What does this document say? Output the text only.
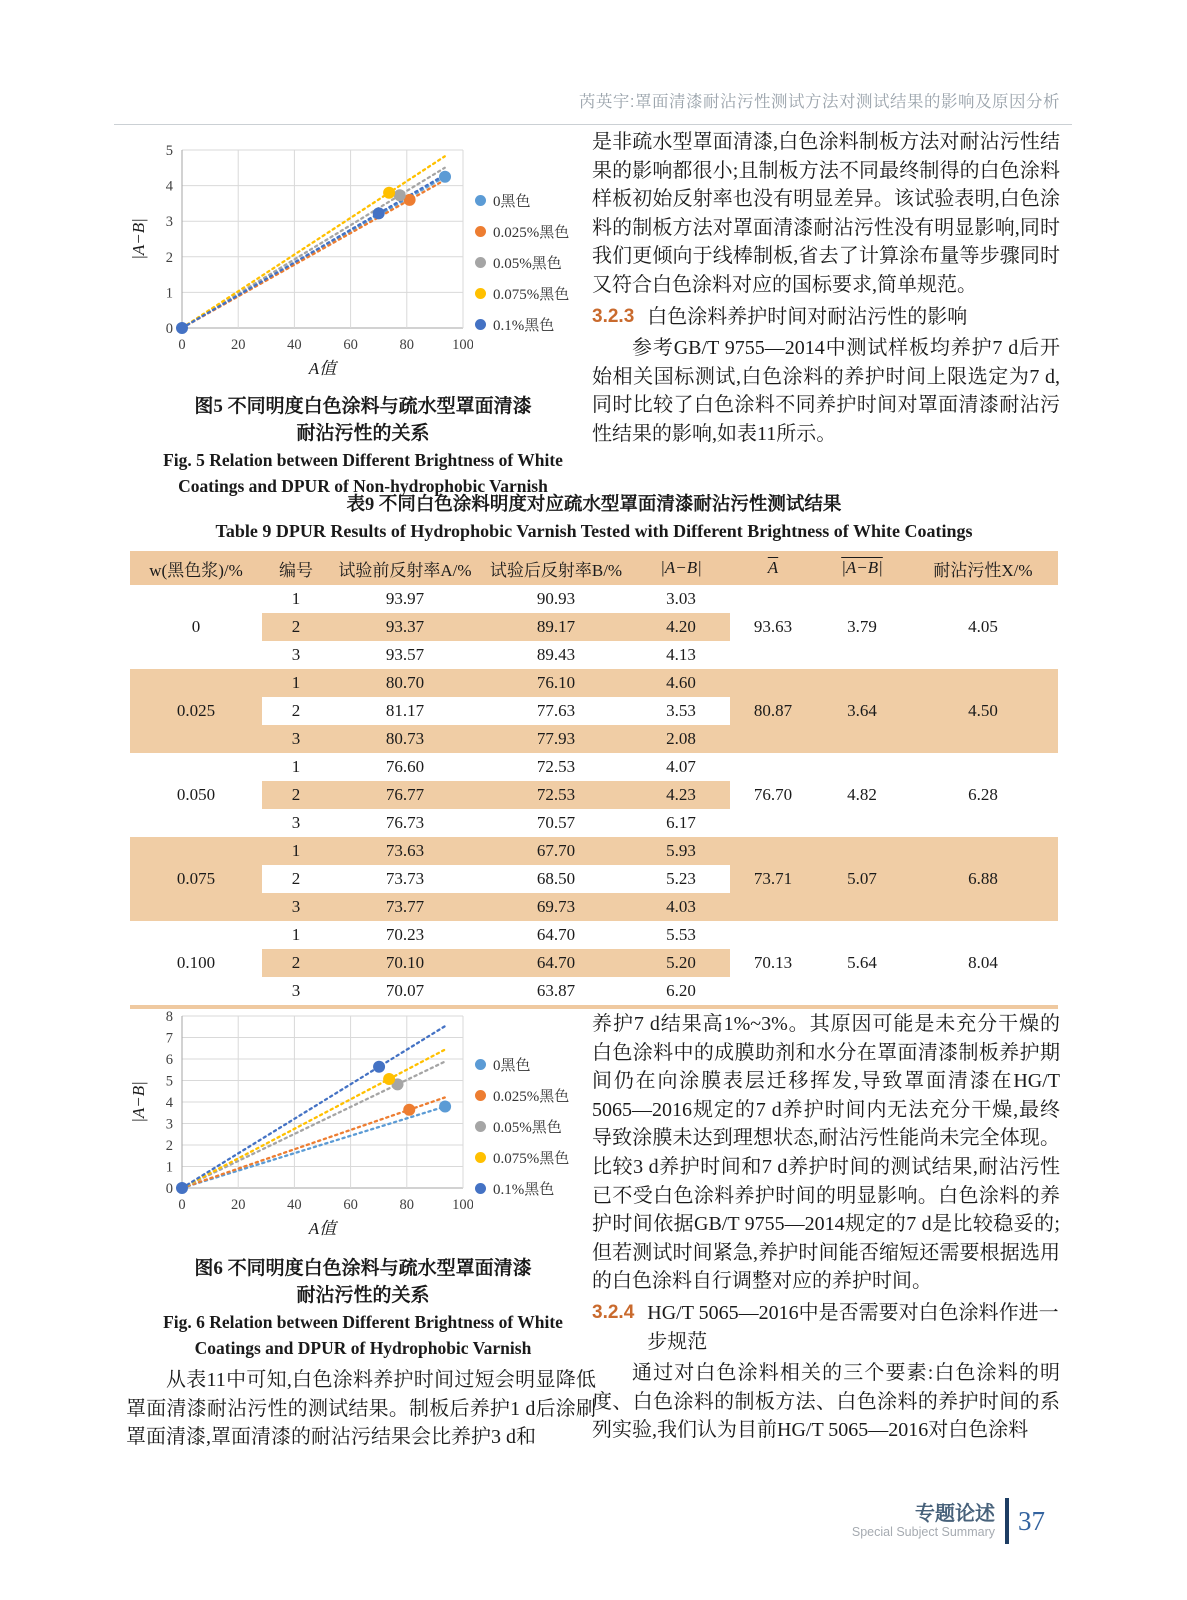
芮英宇:罩面清漆耐沾污性测试方法对测试结果的影响及原因分析
0
1
2
3
4
5
0	20	40	60	80	100
A值
|A−B|
0黑色
0.025%黑色
0.05%黑色
0.075%黑色
0.1%黑色
图5 不同明度白色涂料与疏水型罩面清漆
耐沾污性的关系
Fig. 5 Relation between Different Brightness of White
Coatings and DPUR of Non-hydrophobic Varnish
是非疏水型罩面清漆,白色涂料制板方法对耐沾污性结果的影响都很小;且制板方法不同最终制得的白色涂料样板初始反射率也没有明显差异。该试验表明,白色涂料的制板方法对罩面清漆耐沾污性没有明显影响,同时我们更倾向于线棒制板,省去了计算涂布量等步骤同时又符合白色涂料对应的国标要求,简单规范。
3.2.3 白色涂料养护时间对耐沾污性的影响
参考GB/T 9755—2014中测试样板均养护7 d后开始相关国标测试,白色涂料的养护时间上限选定为7 d,同时比较了白色涂料不同养护时间对罩面清漆耐沾污性结果的影响,如表11所示。
表9 不同白色涂料明度对应疏水型罩面清漆耐沾污性测试结果
Table 9 DPUR Results of Hydrophobic Varnish Tested with Different Brightness of White Coatings
w(黑色浆)/%	编号	试验前反射率A/%	试验后反射率B/%	|A−B|	$\overline{A}$	|A−B|	耐沾污性X/%
0	1	93.97	90.93	3.03	93.63	3.79	4.05
	2	93.37	89.17	4.20			
	3	93.57	89.43	4.13			
0.025	1	80.70	76.10	4.60	80.87	3.64	4.50
	2	81.17	77.63	3.53			
	3	80.73	77.93	2.08			
0.050	1	76.60	72.53	4.07	76.70	4.82	6.28
	2	76.77	72.53	4.23			
	3	76.73	70.57	6.17			
0.075	1	73.63	67.70	5.93	73.71	5.07	6.88
	2	73.73	68.50	5.23			
	3	73.77	69.73	4.03			
0.100	1	70.23	64.70	5.53	70.13	5.64	8.04
	2	70.10	64.70	5.20			
	3	70.07	63.87	6.20			
0
1
2
3
4
5
6
7
8
0	20	40	60	80	100
A值
|A−B|
0黑色
0.025%黑色
0.05%黑色
0.075%黑色
0.1%黑色
图6 不同明度白色涂料与疏水型罩面清漆
耐沾污性的关系
Fig. 6 Relation between Different Brightness of White
Coatings and DPUR of Hydrophobic Varnish
养护7 d结果高1%~3%。其原因可能是未充分干燥的白色涂料中的成膜助剂和水分在罩面清漆制板养护期间仍在向涂膜表层迁移挥发,导致罩面清漆在HG/T 5065—2016规定的7 d养护时间内无法充分干燥,最终导致涂膜未达到理想状态,耐沾污性能尚未完全体现。比较3 d养护时间和7 d养护时间的测试结果,耐沾污性已不受白色涂料养护时间的明显影响。白色涂料的养护时间依据GB/T 9755—2014规定的7 d是比较稳妥的;但若测试时间紧急,养护时间能否缩短还需要根据选用的白色涂料自行调整对应的养护时间。
3.2.4 HG/T 5065—2016中是否需要对白色涂料作进一步规范
通过对白色涂料相关的三个要素:白色涂料的明度、白色涂料的制板方法、白色涂料的养护时间的系列实验,我们认为目前HG/T 5065—2016对白色涂料
从表11中可知,白色涂料养护时间过短会明显降低罩面清漆耐沾污性的测试结果。制板后养护1 d后涂刷罩面清漆,罩面清漆的耐沾污结果会比养护3 d和
专题论述
Special Subject Summary 37
